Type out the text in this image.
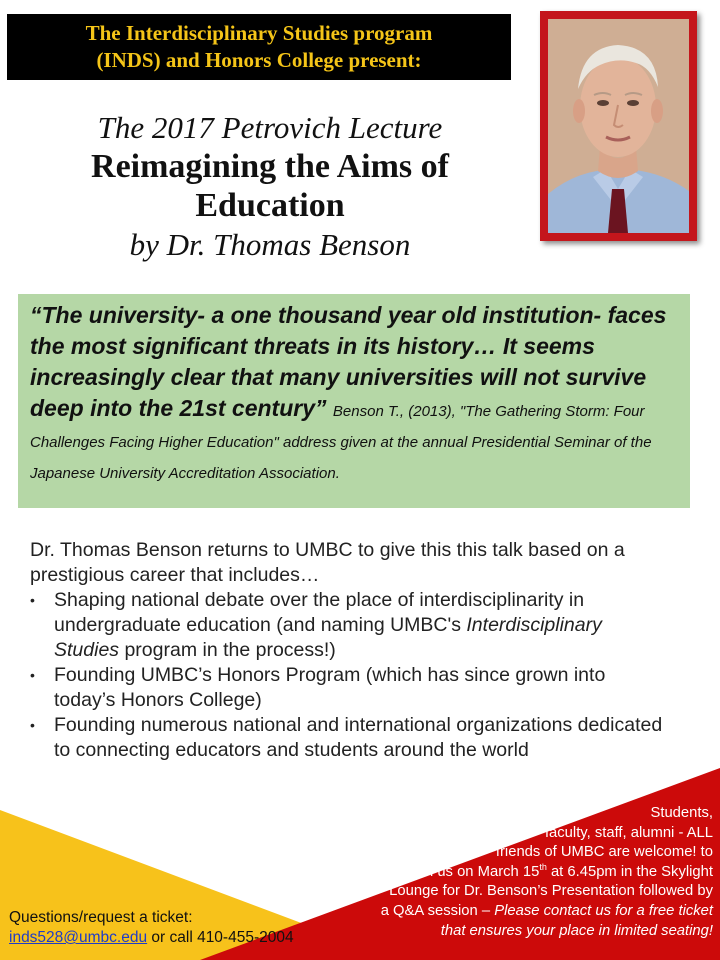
The Interdisciplinary Studies program
(INDS) and Honors College present:
The 2017 Petrovich Lecture
Reimagining the Aims of
Education
by Dr. Thomas Benson

“The university- a one thousand year old institution- faces the most significant threats in its history… It seems increasingly clear that many universities will not survive deep into the 21st century” Benson T., (2013), "The Gathering Storm: Four Challenges Facing Higher Education" address given at the annual Presidential Seminar of the Japanese University Accreditation Association.

Dr. Thomas Benson returns to UMBC to give this this talk based on a prestigious career that includes…

• Shaping national debate over the place of interdisciplinarity in undergraduate education (and naming UMBC's Interdisciplinary Studies program in the process!)
• Founding UMBC’s Honors Program (which has since grown into today’s Honors College)
• Founding numerous national and international organizations dedicated to connecting educators and students around the world
Students,
faculty, staff, alumni - ALL
friends of UMBC are welcome! to
join us on March 15th at 6.45pm in the Skylight
Lounge for Dr. Benson’s Presentation followed by
a Q&A session – Please contact us for a free ticket
that ensures your place in limited seating!
Questions/request a ticket:
inds528@umbc.edu or call 410-455-2004
